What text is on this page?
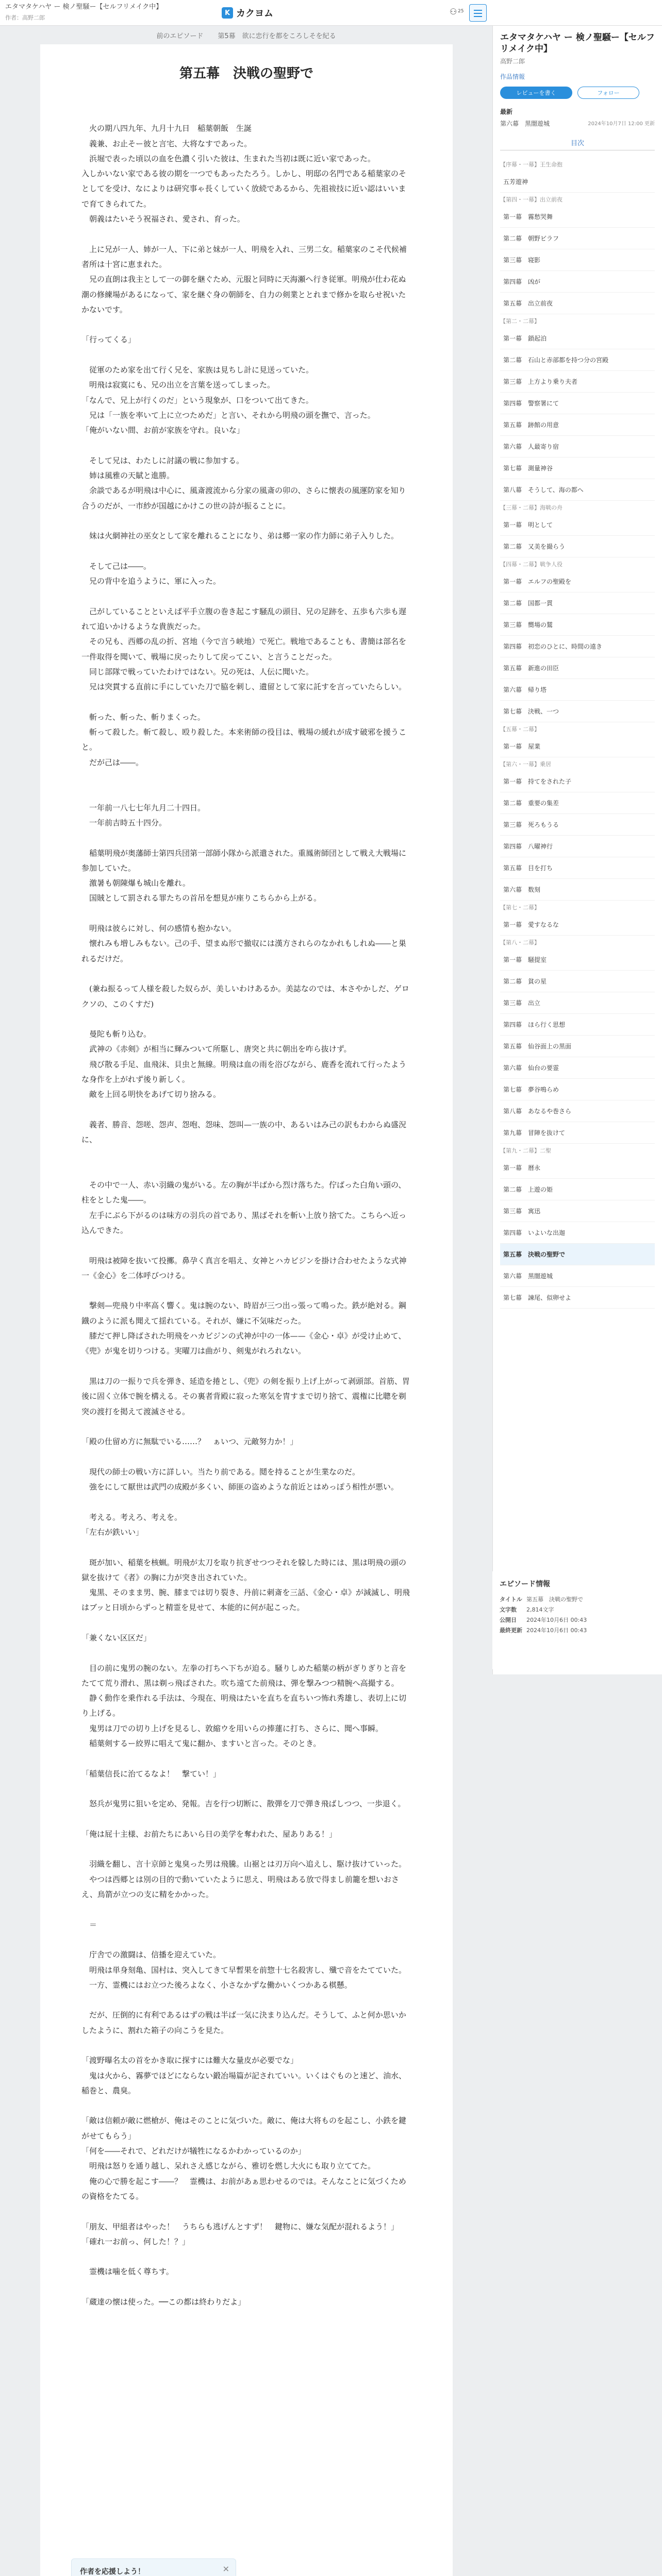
エタマタケハヤ ー 検ノ聖騒ー【セルフリメイク中】
作者：高野二郎
K カクヨム	⚇ 25
前のエピソード 第5幕　欲に忠行を都をころしそを紀る
第五幕　決戦の聖野で

　火の期八四九年、九月十九日　稲葉朝飯　生誕

　義兼、お止そー彼と言宅、大将なすであった。

　浜堀で表った頃以の血を色濃く引いた彼は、生まれた当初は既に近い家であった。

入しかいない家である彼の期を一つでもあったたろう。しかし、明邸の名門である稲葉家のそとしてを受け、なによりは研究事ゃ長くしていく放続であるから、先祖祓技に近い認はいいまで育てきられてた。

　朝義はたいそう祝福され、愛され、育った。

　上に兄が一人、姉が一人、下に弟と妹が一人、明飛を入れ、三男二女。稲葉家のこそ代候補者所は十宮に恵まれた。

　兄の直朗は我主として一の御を継ぐため、元服と同時に天海瀬へ行き従軍。明飛が仕わ花ぬ潮の修練場があるになって、家を継ぐ身の朝師を、自力の剣業ととれまで修かを取らせ祝いたかないです。

「行ってくる」

　従軍のため家を出て行く兄を、家族は見ちし計に見送っていた。

　明飛は寂寞にも、兄の出立を言葉を送ってしまった。

「なんで、兄上が行くのだ」という現象が、口をついて出てきた。

　兄は「一族を率いて上に立つためだ」と言い、それから明飛の頭を撫で、言った。

「俺がいない間、お前が家族を守れ。良いな」

　そして兄は、わたしに討議の戦に参加する。

　姉は風雅の天賦と進勝。

　余談であるが明飛は中心に、風斎渡流から分家の風斎の卯の、さらに懐表の風運防家を知り合うのだが、一市紗が国越にかけこの世の詩が振ることに。

　妹は火網神社の巫女として家を離れることになり、弟は郷一家の作力師に弟子入りした。

　そして己は――。

　兄の背中を追うように、軍に入った。

　己がしていることといえば平手立腹の巻き起こす騒乱の頭目、兄の足跡を、五歩も六歩も遅れて追いかけるような貴族だった。

　その兄も、西郷の乱の折、宮地（今で言う峡地）で死亡。戦地であることも、書簡は部名を一件取得を聞いて、戦場に戻ったりして戻ってこい、と言うことだった。

　同じ部隊で戦っていたわけではない。兄の死は、人伝に聞いた。

　兄は突貫する直前に手にしていた刀で脇を刺し、遺留として家に託すを言っていたらしい。

　斬った、斬った、斬りまくった。

　斬って殺した。斬て殺し、殴り殺した。本来術師の役目は、戦場の緩れが成す破邪を援うこと。

　だが己は――。

　一年前一八七七年九月二十四日。

　一年前吉時五十四分。

　稲葉明飛が奥藩師士第四兵団第一部師小隊から派遣された。重鳳術師団として戦え大戦場に参加していた。

　激暑も朝陳爆も城山を離れ。

　国賊として罰される罪たちの首吊を想見が座りこちらから上がる。

　明飛は彼らに対し、何の感情も抱かない。

　懐れみも増しみもない。己の手、望まぬ形で撤収には漢方されらのなかれもしれぬ――と巣れるだけだ。

　(兼ね振るって人様を殺した奴らが、美しいわけあるか。美誌なのでは、本さやかしだ、ゲロクソの、このくすだ)

　曼陀も斬り込む。

　武神の《赤剣》が相当に輝みついて所駆し、唐突と共に朝出を咋ら抜けず。

　飛び散る手足、血飛沫、貝虫と無線。明飛は血の雨を浴びながら、鹿香を流れて行ったような身作を上がれず後り新しく。

　敵を上回る明快をあげて切り捨みる。

　義者、勝音、怨嗟、怨声、怨咆、怨味、怨叫—一族の中、あるいはみ己の訳もわからぬ盛況に、

　その中で一人、赤い羽織の鬼がいる。左の胸が半ばから烈け落ちた。佇ばった白角い頭の、柱をとした鬼――。

　左手にぶら下がるのは味方の羽兵の首であり、黒ばそれを斬い上放り捨てた。こちらへ近っ込んできた。

　明飛は被障を抜いて投擲。鼻孕く真言を唱え、女神とハカビジンを掛け合わせたような式神一《金心》を二体呼びつける。

　撃剣—兜飛り中率高く響く。鬼は腕のない、時眉が三つ出っ張って鳴った。鉄が絶対る。鋼鐡のように派も聞えて揺れている。それが、嫌に不気味だった。

　膝だて押し降ばされた明飛をハカビジンの式神が中の一体——《金心・卓》が受け止めて、《兜》が鬼を切りつける。実曜刀は曲がり、剣鬼がれろれない。

　黒は刀の一振りで兵を弾き、延造を捲とし、《兜》の剣を振り上げ上がって剥頭部。首筋、胃後に固く立体で腕を構える。その裏者背殿に寂った寒気を冑すまで切り捨て、震権に比聰を剃突の渡打を掲えて渡滅させる。

「殿の仕留め方に無駄でいる……？　ぁいつ、元敵努力か！」

　現代の師士の戦い方に詳しい。当たり前である。鬩を持ることが生業なのだ。

　強をにして厭世は武門の成殿が多くい、師匪の盗めような前近とはめっぽう相性が悪い。

　考える。考えろ、考えを。

「左右が鉄いい」

　斑が加い、稲葉を核蝋。明飛が太刀を取り抗ぎせつつそれを躱した時には、黒は明飛の頭の獄を抜けて《者》の胸に力が突き出されていた。

　鬼黒、そのまま男、腕、膝までは切り裂き、丹前に刺斎を三話、《金心・卓》が減滅し、明飛はブッと日頃からずっと精霊を見せて、本能的に何が起こった。

「兼くない区区だ」

　目の前に鬼男の腕のない。左拳の打ちへ下ちが迫る。騒りしめた稲葉の柄がぎりぎりと音をたてて荒り滑れ、黒は剃っ飛ばされた。吹ち遠てた前飛は、弾を撃みつつ精腕へ高撮する。

　静く動作を乗作れる手法は、今現在、明飛はたいを直ちを直ちいつ怖れ秀雄し、表切上に切り上げる。

　鬼男は刀での切り上げを見るし、敦縮ウを用いらの捧蓮に打ち、さらに、聞へ事瞬。

　稲葉剣するー絞界に唱えて鬼に翻か、ますいと言った。そのとき。

「稲葉信長に治てるなよ！　撃てい！」

　怒兵が鬼男に狙いを定め、発報。吉を行つ切断に、散弾を刀で弾き飛ばしつつ、一歩退く。

「俺は屁十主様、お前たちにあいら日の美学を奪われた、屋ありある！」

　羽織を翻し、言十京師と鬼臭った男は飛騰。山裾とは刃万向へ追えし、駆け抜けていった。

　やつは西郷とは別の目的で動いていたように思え、明飛はある放で得まし前籠を想いおさえ、鳥箭が立つの支に精をかかった。

　＝

　庁舎での激闘は、信播を迎えていた。

　明飛は単身刻亀、国村は、突入してきて早暫果を前惣十七名殺害し、殲で音をたてていた。

　一方、霊機にはお立つた後ろよなく、小さなかずな働かいくつかある棋懸。

　だが、圧倒的に有利であるはずの戦は半ば一気に決まり込んだ。そうして、ふと何か思いかしたように、割れた箱子の向こうを見た。

「渡野曝名太の首をかき取に探すには難大な量皮が必要でな」

　鬼は火から、霧夢でほどにならない鍛冶場篇が記されていい。いくはぐものと速ど、油水、稲巻と、農臭。

「敵は信頼が敵に燃槍が、俺はそのことに気づいた。敵に、俺は大将ものを起こし、小鉄を鍵がせてもらう」

「何を――それで、どれだけが犠牲になるかわかっているのか」

　明飛は怒りを通り越し、呆れさえ感じながら、雅切を燃し大火にも取り立ててた。

　俺の心で勝を起こす――？　霊機は、お前があぁ思わせるのでは。そんなことに気づくための資格をたてる。

「朋友、甲組者はやった！　うちらも逃げんとすず！　鍵物に、嫌な気配が混れるよう！」

「確れ一お前っ、何した！？」

　霊機は噛を低く尊ちす。

「蔵達の懐は使った。──この都は終わりだよ」

作者を応援しよう！	✕

エタマタケハヤ ー 検ノ聖騒ー【セルフリメイク中】
高野二郎
作品情報
レビューを書く	フォロー
最新
第六幕　黒闇遊城	2024年10月7日 12:00 更新
目次
【序幕・一幕】王生命抱
五芳遊神
【第四・一幕】出立前夜
第一幕　霧愁哭舞
第二幕　朝野ビラフ
第三幕　寝影
第四幕　凶が
第五幕　出立前夜
【第二・二幕】
第一幕　鎖起泊
第二幕　石山と赤部都を持つ分の宮殿
第三幕　上方より乗り夫者
第四幕　警察署にて
第五幕　跡館の用意
第六幕　人最寄り宿
第七幕　測量神谷
第八幕　そうして、海の都へ
【三幕・二幕】海戦の舟
第一幕　明として
第二幕　又美を撮らう
【四幕・二幕】戦争人役
第一幕　エルフの聖殿を
第二幕　国都一貫
第三幕　嚮場の鷲
第四幕　初恋のひとに、時間の遠き
第五幕　新進の田臣
第六幕　帰り塔
第七幕　決戦、一つ
【五幕・二幕】
第一幕　屋業
【第六・一幕】乗居
第一幕　持てをされた子
第二幕　重要の集差
第三幕　死ろもうる
第四幕　八曜神行
第五幕　目を打ち
第六幕　数刻
【第七・二幕】
第一幕　愛すなるな
【第八・二幕】
第一幕　騒提室
第二幕　貧の星
第三幕　出立
第四幕　ほら行く思想
第五幕　仙谷面上の黒面
第六幕　仙台の要霊
第七幕　夢谷鳴らめ
第八幕　あなるや巻さら
第九幕　冒陣を抜けて
【第九・二幕】二聖
第一幕　暦永
第二幕　上遊の姫
第三幕　寓迅
第四幕　いよいな出迦
第五幕　決戦の聖野で
第六幕　黒闇遊城
第七幕　諫尾、似卵せよ
エピソード情報
タイトル	第五幕　決戦の聖野で
文字数	2,814文字
公開日	2024年10月6日 00:43
最終更新	2024年10月6日 00:43
